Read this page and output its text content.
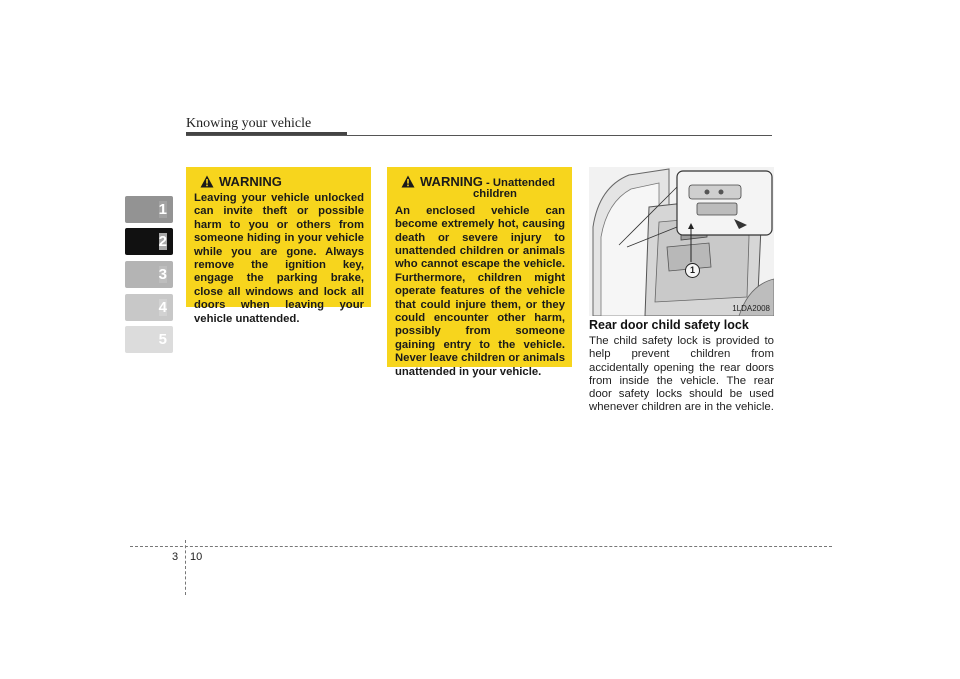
Knowing your vehicle
1
2
3
4
5
6
7
8
9
WARNING
Leaving your vehicle unlocked can invite theft or possible harm to you or others from someone hiding in your vehicle while you are gone. Always remove the ignition key, engage the parking brake, close all windows and lock all doors when leaving your vehicle unattended.
WARNING - Unattended
children
An enclosed vehicle can become extremely hot, causing death or severe injury to unattended children or animals who cannot escape the vehicle. Furthermore, children might operate features of the vehicle that could injure them, or they could encounter other harm, possibly from someone gaining entry to the vehicle. Never leave children or animals unattended in your vehicle.
1
1LDA2008
Rear door child safety lock
The child safety lock is provided to help prevent children from accidentally opening the rear doors from inside the vehicle. The rear door safety locks should be used whenever children are in the vehicle.
3 10
